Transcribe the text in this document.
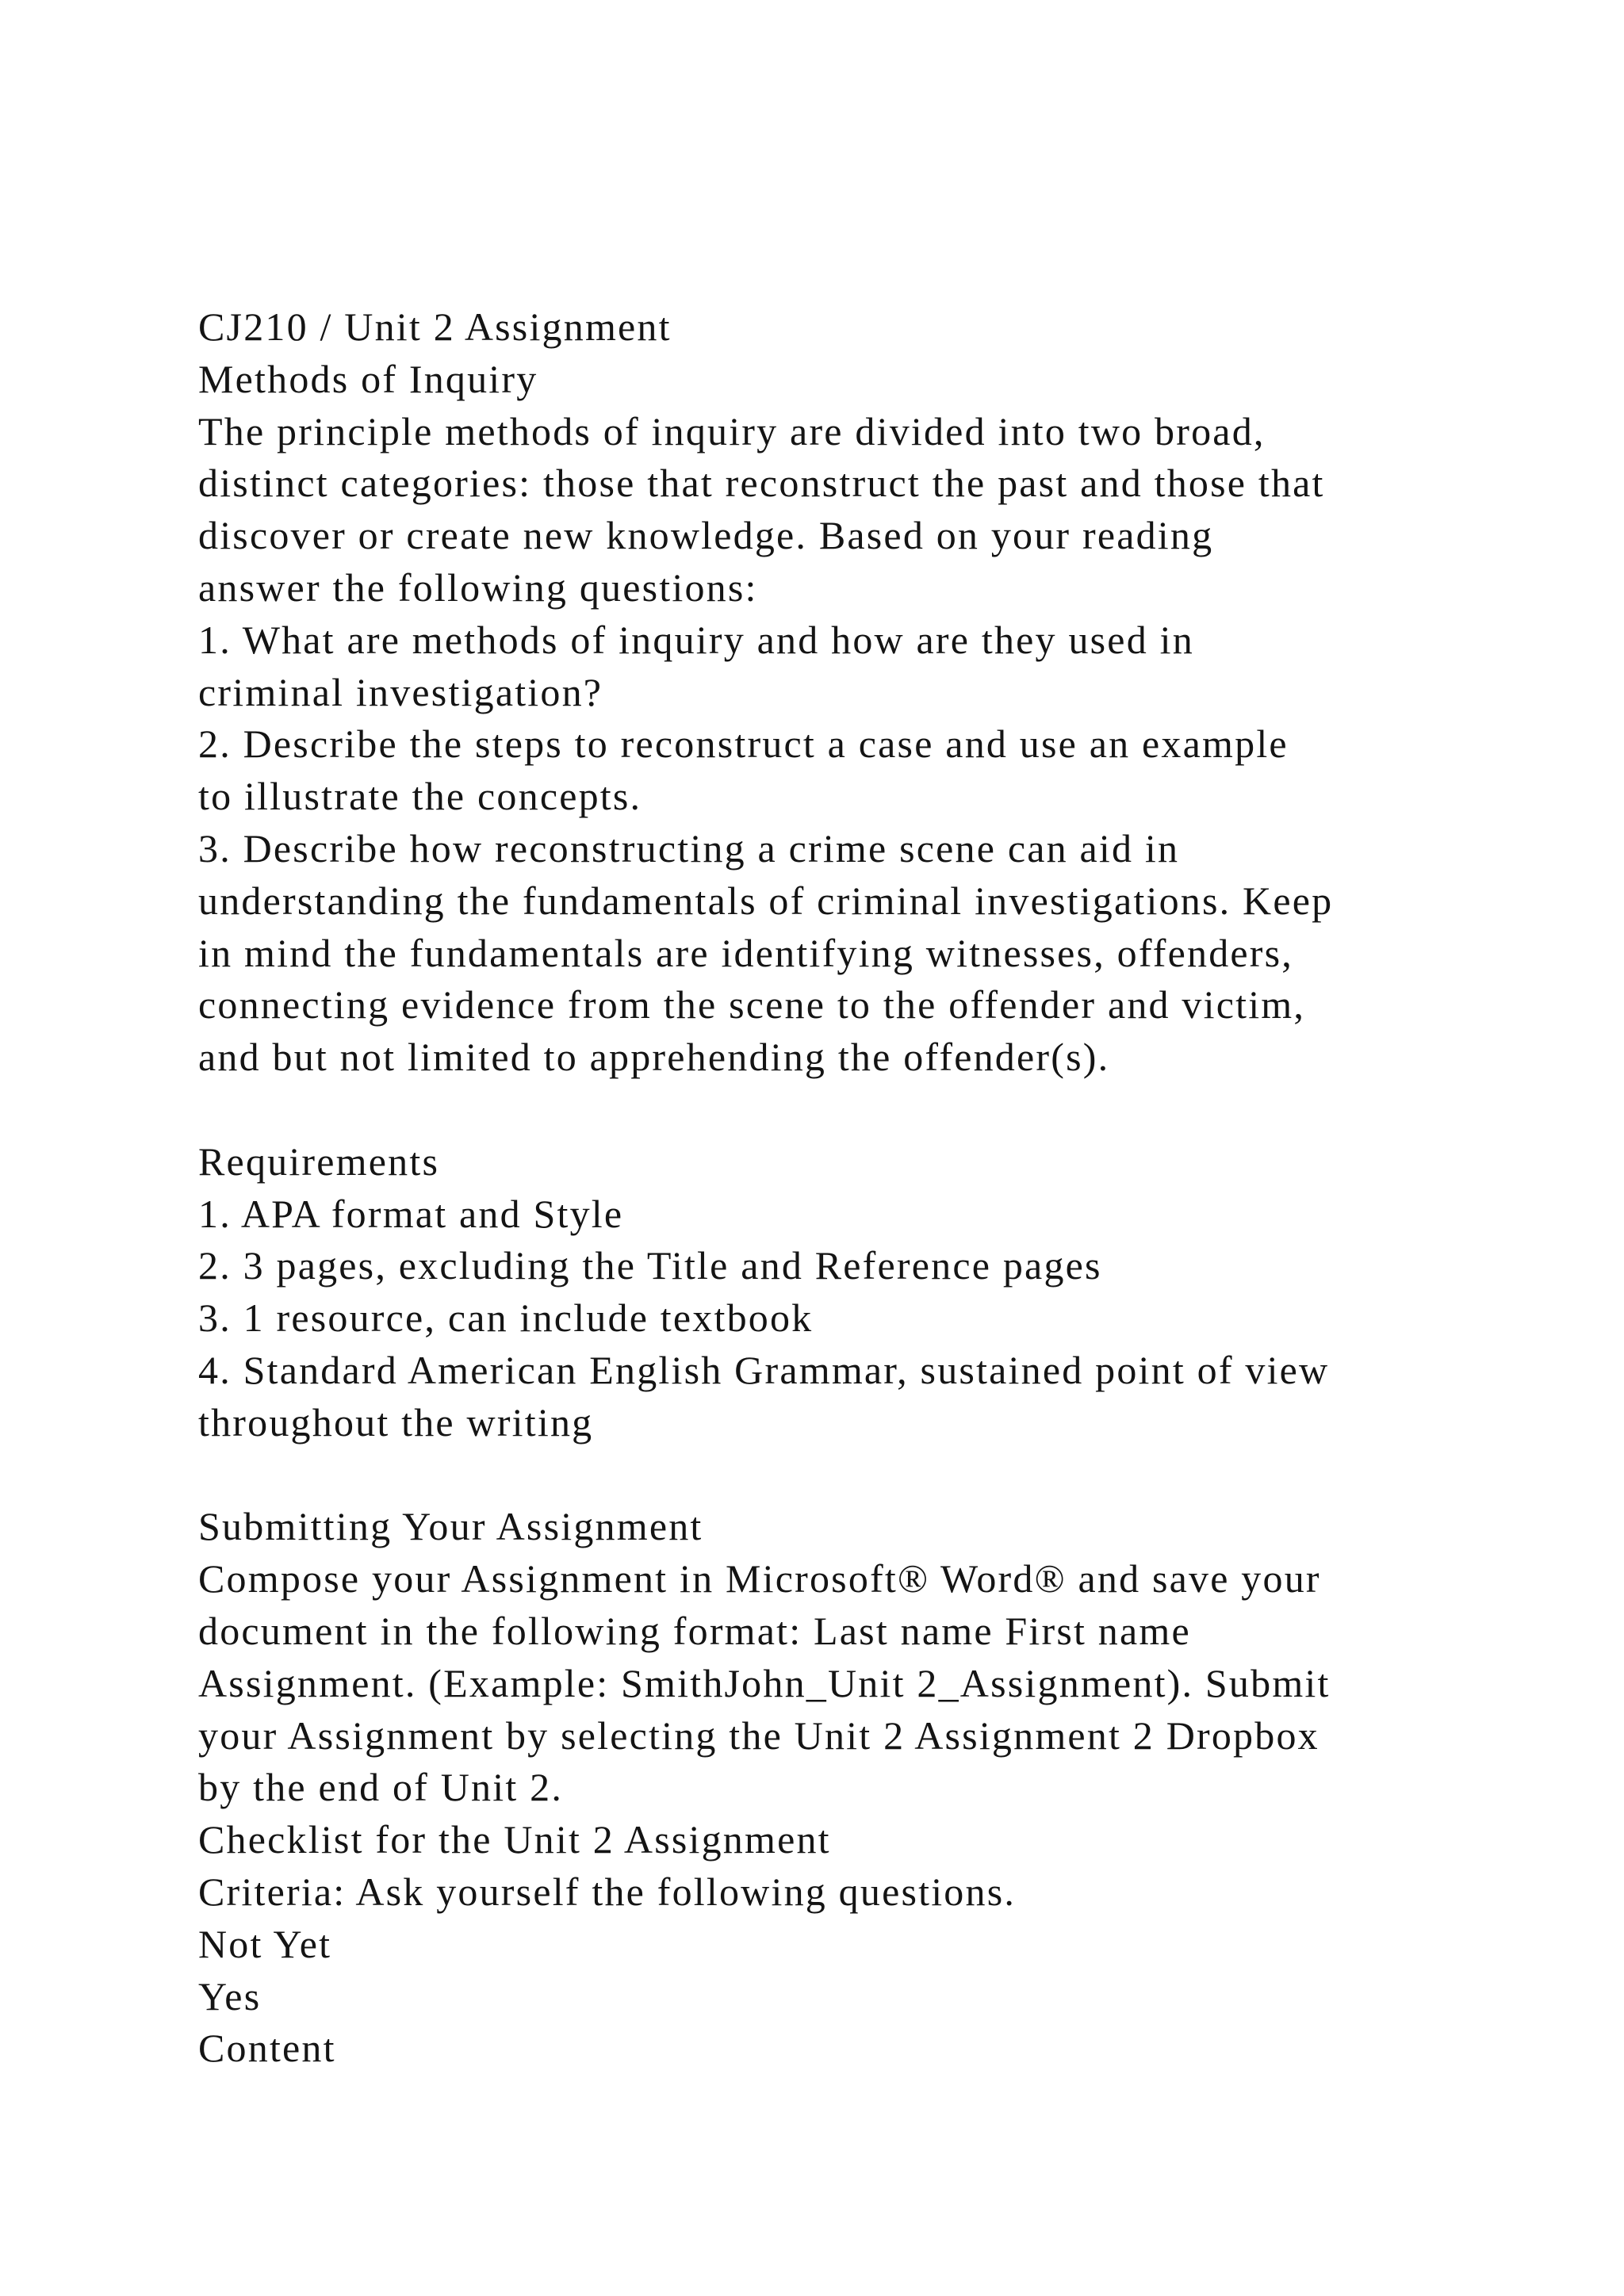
CJ210 / Unit 2 Assignment
Methods of Inquiry
The principle methods of inquiry are divided into two broad,
distinct categories: those that reconstruct the past and those that
discover or create new knowledge. Based on your reading
answer the following questions:
1. What are methods of inquiry and how are they used in
criminal investigation?
2. Describe the steps to reconstruct a case and use an example
to illustrate the concepts.
3. Describe how reconstructing a crime scene can aid in
understanding the fundamentals of criminal investigations. Keep
in mind the fundamentals are identifying witnesses, offenders,
connecting evidence from the scene to the offender and victim,
and but not limited to apprehending the offender(s).
Requirements
1. APA format and Style
2. 3 pages, excluding the Title and Reference pages
3. 1 resource, can include textbook
4. Standard American English Grammar, sustained point of view
throughout the writing
Submitting Your Assignment
Compose your Assignment in Microsoft® Word® and save your
document in the following format: Last name First name
Assignment. (Example: SmithJohn_Unit 2_Assignment). Submit
your Assignment by selecting the Unit 2 Assignment 2 Dropbox
by the end of Unit 2.
Checklist for the Unit 2 Assignment
Criteria: Ask yourself the following questions.
Not Yet
Yes
Content
